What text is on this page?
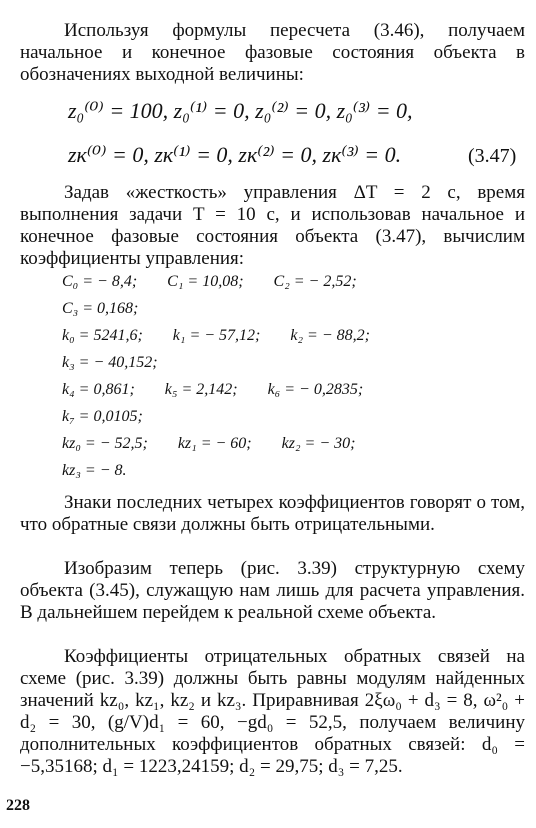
Используя формулы пересчета (3.46), получаем начальное и конечное фазовые состояния объекта в обозначениях выходной величины:
z₀⁽⁰⁾ = 100, z₀⁽¹⁾ = 0, z₀⁽²⁾ = 0, z₀⁽³⁾ = 0,
zк⁽⁰⁾ = 0, zк⁽¹⁾ = 0, zк⁽²⁾ = 0, zк⁽³⁾ = 0.	(3.47)
Задав «жесткость» управления ΔT = 2 с, время выполнения задачи T = 10 с, и использовав начальное и конечное фазовые состояния объекта (3.47), вычислим коэффициенты управления:
C₀ = − 8,4; C₁ = 10,08; C₂ = − 2,52;
C₃ = 0,168;
k₀ = 5241,6; k₁ = − 57,12; k₂ = − 88,2;
k₃ = − 40,152;
k₄ = 0,861; k₅ = 2,142; k₆ = − 0,2835;
k₇ = 0,0105;
kz₀ = − 52,5; kz₁ = − 60; kz₂ = − 30;
kz₃ = − 8.
Знаки последних четырех коэффициентов говорят о том, что обратные связи должны быть отрицательными.
Изобразим теперь (рис. 3.39) структурную схему объекта (3.45), служащую нам лишь для расчета управления. В дальнейшем перейдем к реальной схеме объекта.
Коэффициенты отрицательных обратных связей на схеме (рис. 3.39) должны быть равны модулям найденных значений kz₀, kz₁, kz₂ и kz₃. Приравнивая 2ξω₀ + d₃ = 8, ω²₀ + d₂ = 30, (g/V)d₁ = 60, −gd₀ = 52,5, получаем величину дополнительных коэффициентов обратных связей: d₀ = −5,35168; d₁ = 1223,24159; d₂ = 29,75; d₃ = 7,25.
228
